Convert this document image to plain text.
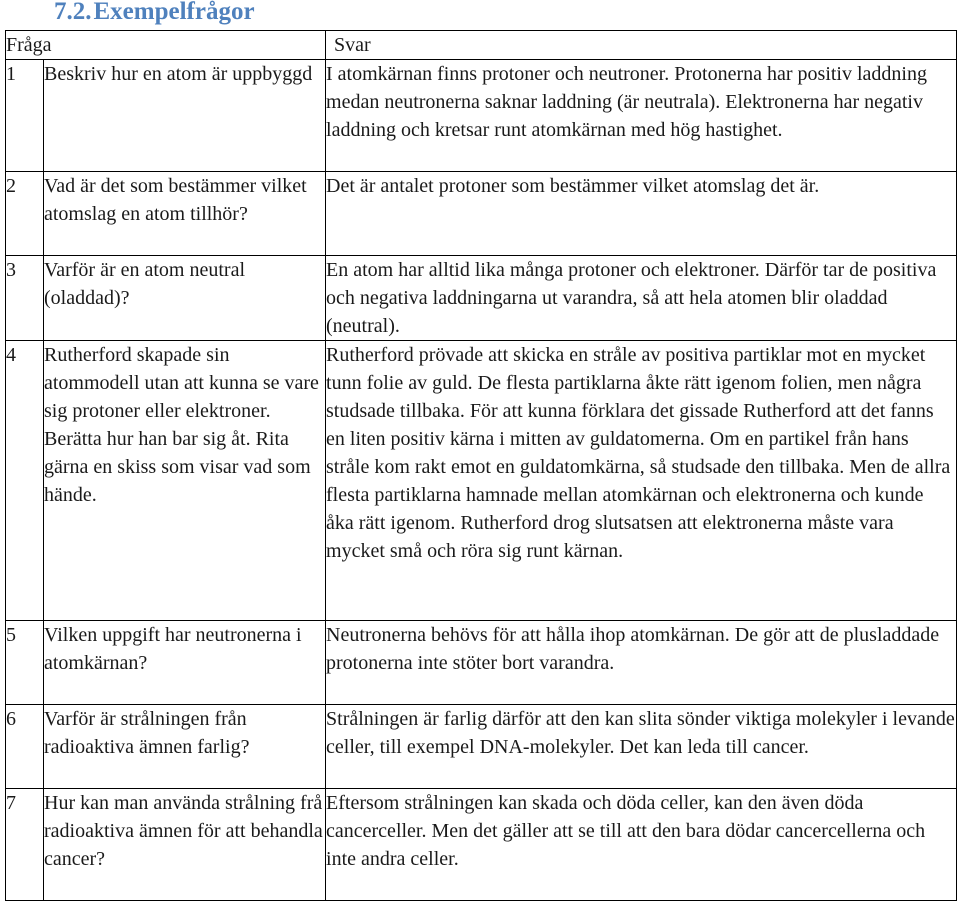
7.2.Exempelfrågor
Fråga		Svar
1	Beskriv hur en atom är uppbyggd	I atomkärnan finns protoner och neutroner. Protonerna har positiv laddning medan neutronerna saknar laddning (är neutrala). Elektronerna har negativ laddning och kretsar runt atomkärnan med hög hastighet.
2	Vad är det som bestämmer vilket atomslag en atom tillhör?	Det är antalet protoner som bestämmer vilket atomslag det är.
3	Varför är en atom neutral (oladdad)?	En atom har alltid lika många protoner och elektroner. Därför tar de positiva och negativa laddningarna ut varandra, så att hela atomen blir oladdad (neutral).
4	Rutherford skapade sin atommodell utan att kunna se vare sig protoner eller elektroner. Berätta hur han bar sig åt. Rita gärna en skiss som visar vad som hände.	Rutherford prövade att skicka en stråle av positiva partiklar mot en mycket tunn folie av guld. De flesta partiklarna åkte rätt igenom folien, men några studsade tillbaka. För att kunna förklara det gissade Rutherford att det fanns en liten positiv kärna i mitten av guldatomerna. Om en partikel från hans stråle kom rakt emot en guldatomkärna, så studsade den tillbaka. Men de allra flesta partiklarna hamnade mellan atomkärnan och elektronerna och kunde åka rätt igenom. Rutherford drog slutsatsen att elektronerna måste vara mycket små och röra sig runt kärnan.
5	Vilken uppgift har neutronerna i atomkärnan?	Neutronerna behövs för att hålla ihop atomkärnan. De gör att de plusladdade protonerna inte stöter bort varandra.
6	Varför är strålningen från radioaktiva ämnen farlig?	Strålningen är farlig därför att den kan slita sönder viktiga molekyler i levande celler, till exempel DNA-molekyler. Det kan leda till cancer.
7	Hur kan man använda strålning frå radioaktiva ämnen för att behandla cancer?	Eftersom strålningen kan skada och döda celler, kan den även döda cancerceller. Men det gäller att se till att den bara dödar cancercellerna och inte andra celler.
